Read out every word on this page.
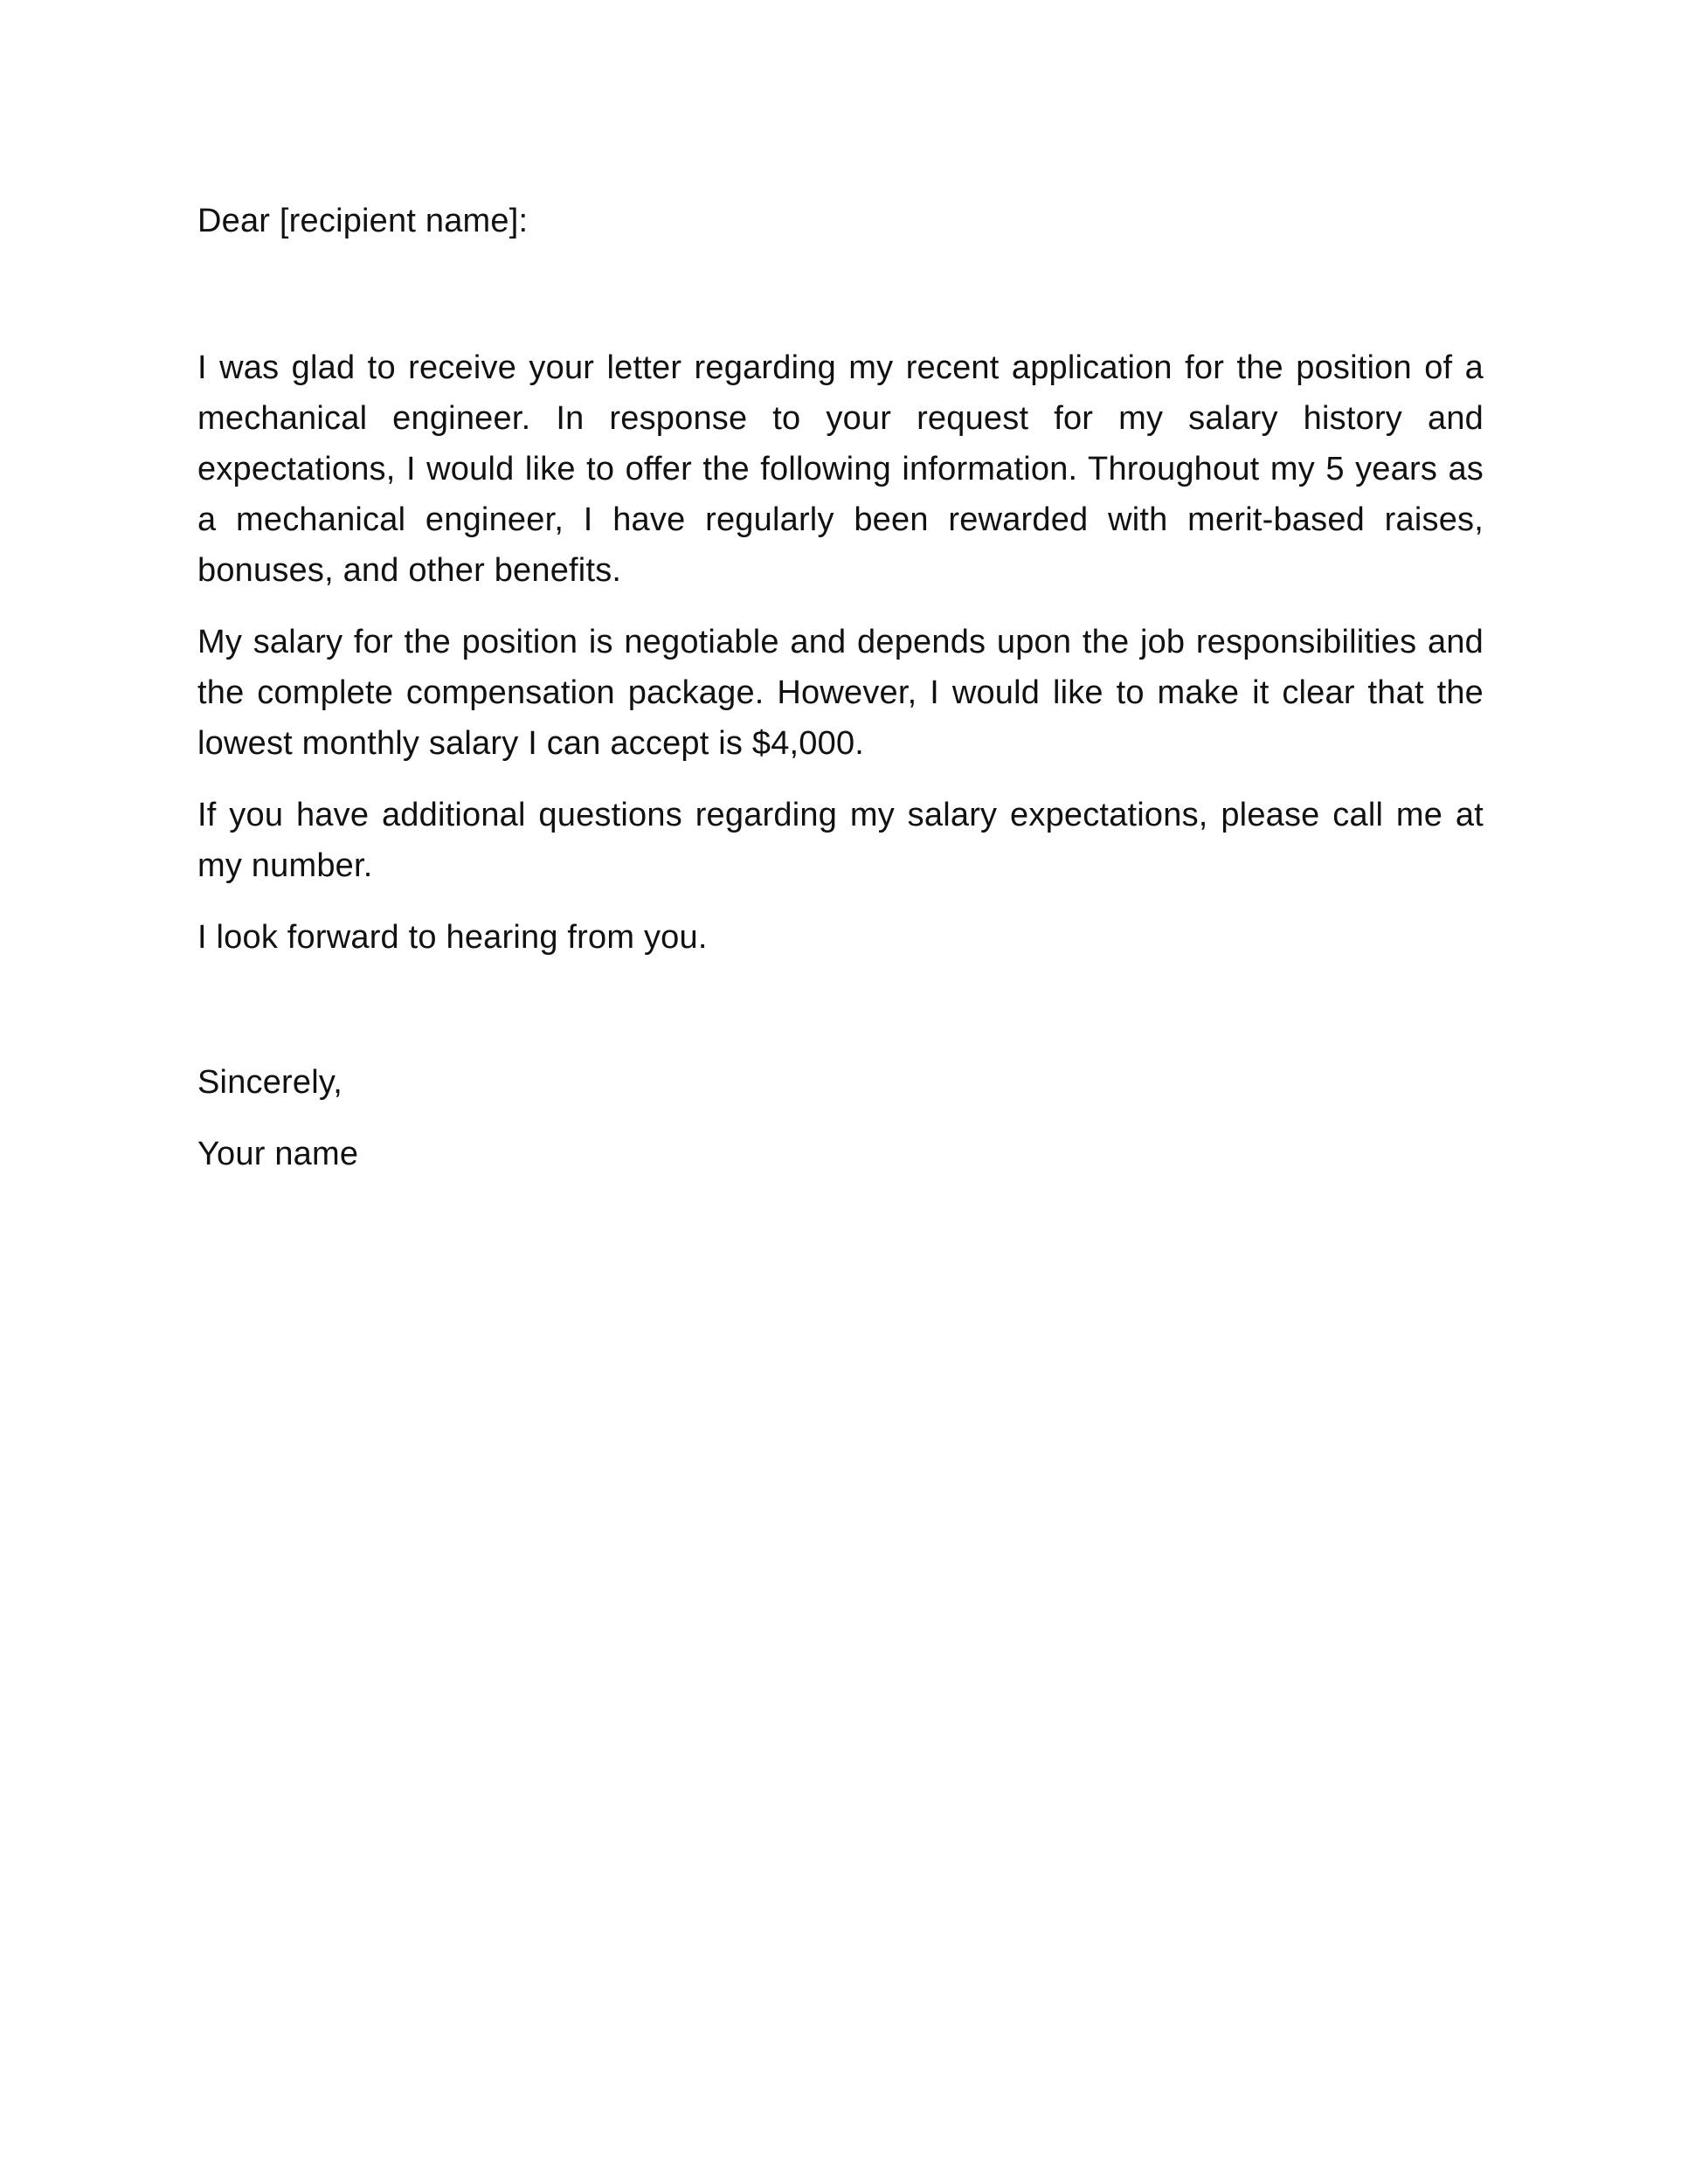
Dear [recipient name]:

I was glad to receive your letter regarding my recent application for the position of a mechanical engineer. In response to your request for my salary history and expectations, I would like to offer the following information. Throughout my 5 years as a mechanical engineer, I have regularly been rewarded with merit-based raises, bonuses, and other benefits.

My salary for the position is negotiable and depends upon the job responsibilities and the complete compensation package. However, I would like to make it clear that the lowest monthly salary I can accept is $4,000.

If you have additional questions regarding my salary expectations, please call me at my number.

I look forward to hearing from you.

Sincerely,

Your name
